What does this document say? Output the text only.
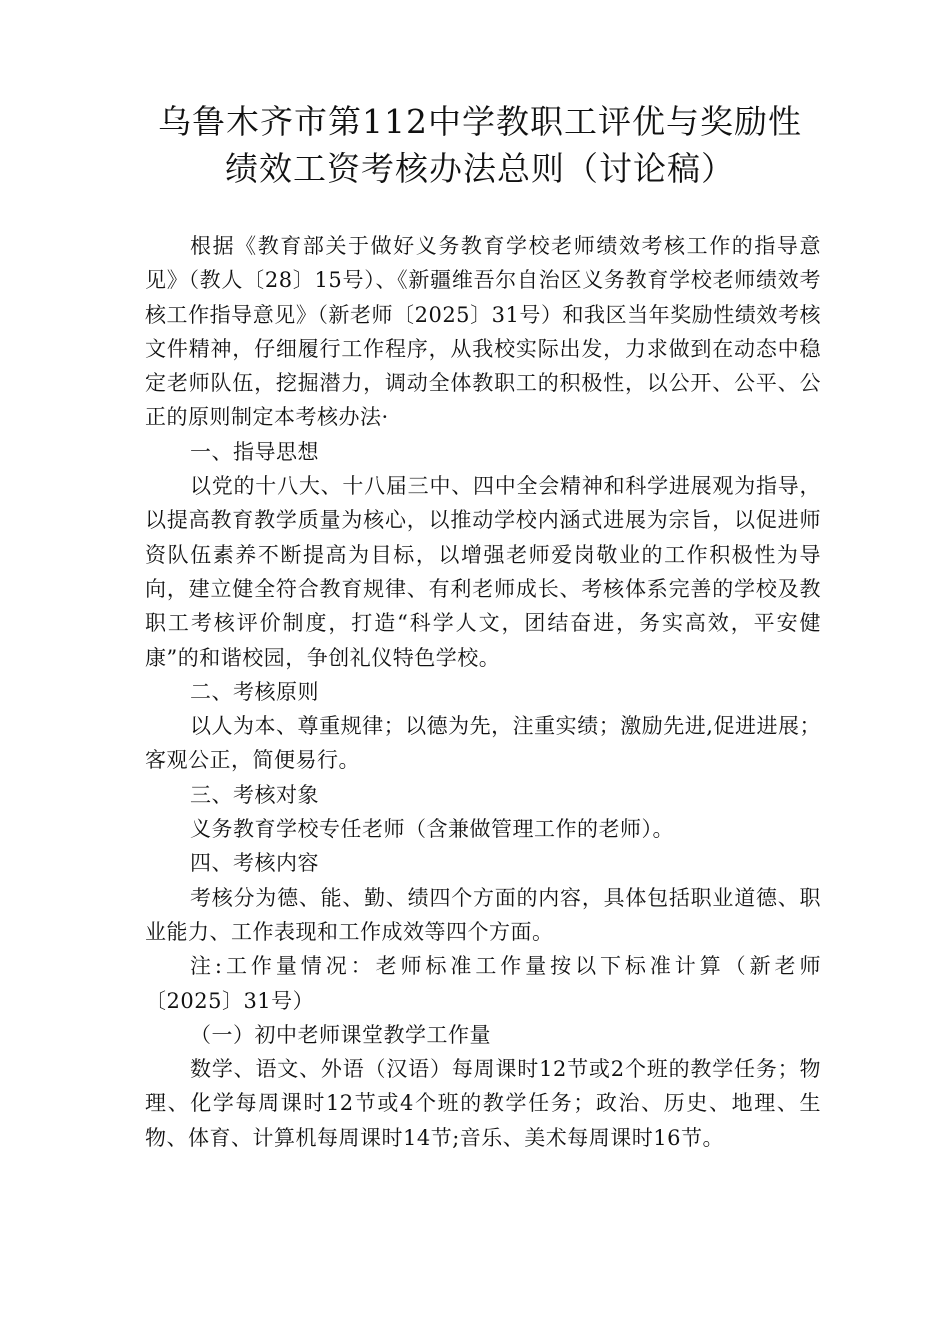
乌鲁木齐市第112中学教职工评优与奖励性
绩效工资考核办法总则（讨论稿）

根据《教育部关于做好义务教育学校老师绩效考核工作的指导意见》（教人〔28〕15号）、《新疆维吾尔自治区义务教育学校老师绩效考核工作指导意见》（新老师〔2025〕31号）和我区当年奖励性绩效考核文件精神，仔细履行工作程序，从我校实际出发，力求做到在动态中稳定老师队伍，挖掘潜力，调动全体教职工的积极性，以公开、公平、公正的原则制定本考核办法·

一、指导思想

以党的十八大、十八届三中、四中全会精神和科学进展观为指导，以提高教育教学质量为核心，以推动学校内涵式进展为宗旨，以促进师资队伍素养不断提高为目标，以增强老师爱岗敬业的工作积极性为导向，建立健全符合教育规律、有利老师成长、考核体系完善的学校及教职工考核评价制度，打造“科学人文，团结奋进，务实高效，平安健康”的和谐校园，争创礼仪特色学校。

二、考核原则

以人为本、尊重规律；以德为先，注重实绩；激励先进,促进进展；客观公正，简便易行。

三、考核对象

义务教育学校专任老师（含兼做管理工作的老师）。

四、考核内容

考核分为德、能、勤、绩四个方面的内容，具体包括职业道德、职业能力、工作表现和工作成效等四个方面。

注:工作量情况：老师标准工作量按以下标准计算（新老师〔2025〕31号）

（一）初中老师课堂教学工作量

数学、语文、外语（汉语）每周课时12节或2个班的教学任务；物理、化学每周课时12节或4个班的教学任务；政治、历史、地理、生物、体育、计算机每周课时14节;音乐、美术每周课时16节。
